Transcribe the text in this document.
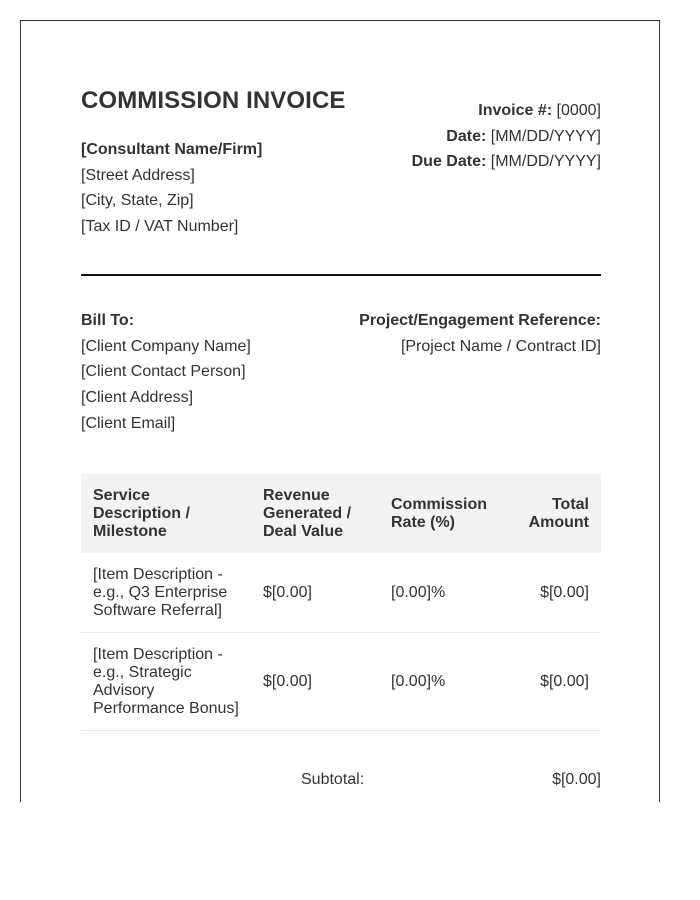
COMMISSION INVOICE
[Consultant Name/Firm]
[Street Address]
[City, State, Zip]
[Tax ID / VAT Number]
Invoice #: [0000]
Date: [MM/DD/YYYY]
Due Date: [MM/DD/YYYY]
Bill To:
[Client Company Name]
[Client Contact Person]
[Client Address]
[Client Email]
Project/Engagement Reference:
[Project Name / Contract ID]
Service Description / Milestone	Revenue Generated / Deal Value	Commission Rate (%)	Total Amount
[Item Description - e.g., Q3 Enterprise Software Referral]	$[0.00]	[0.00]%	$[0.00]
[Item Description - e.g., Strategic Advisory Performance Bonus]	$[0.00]	[0.00]%	$[0.00]
Subtotal:	$[0.00]
